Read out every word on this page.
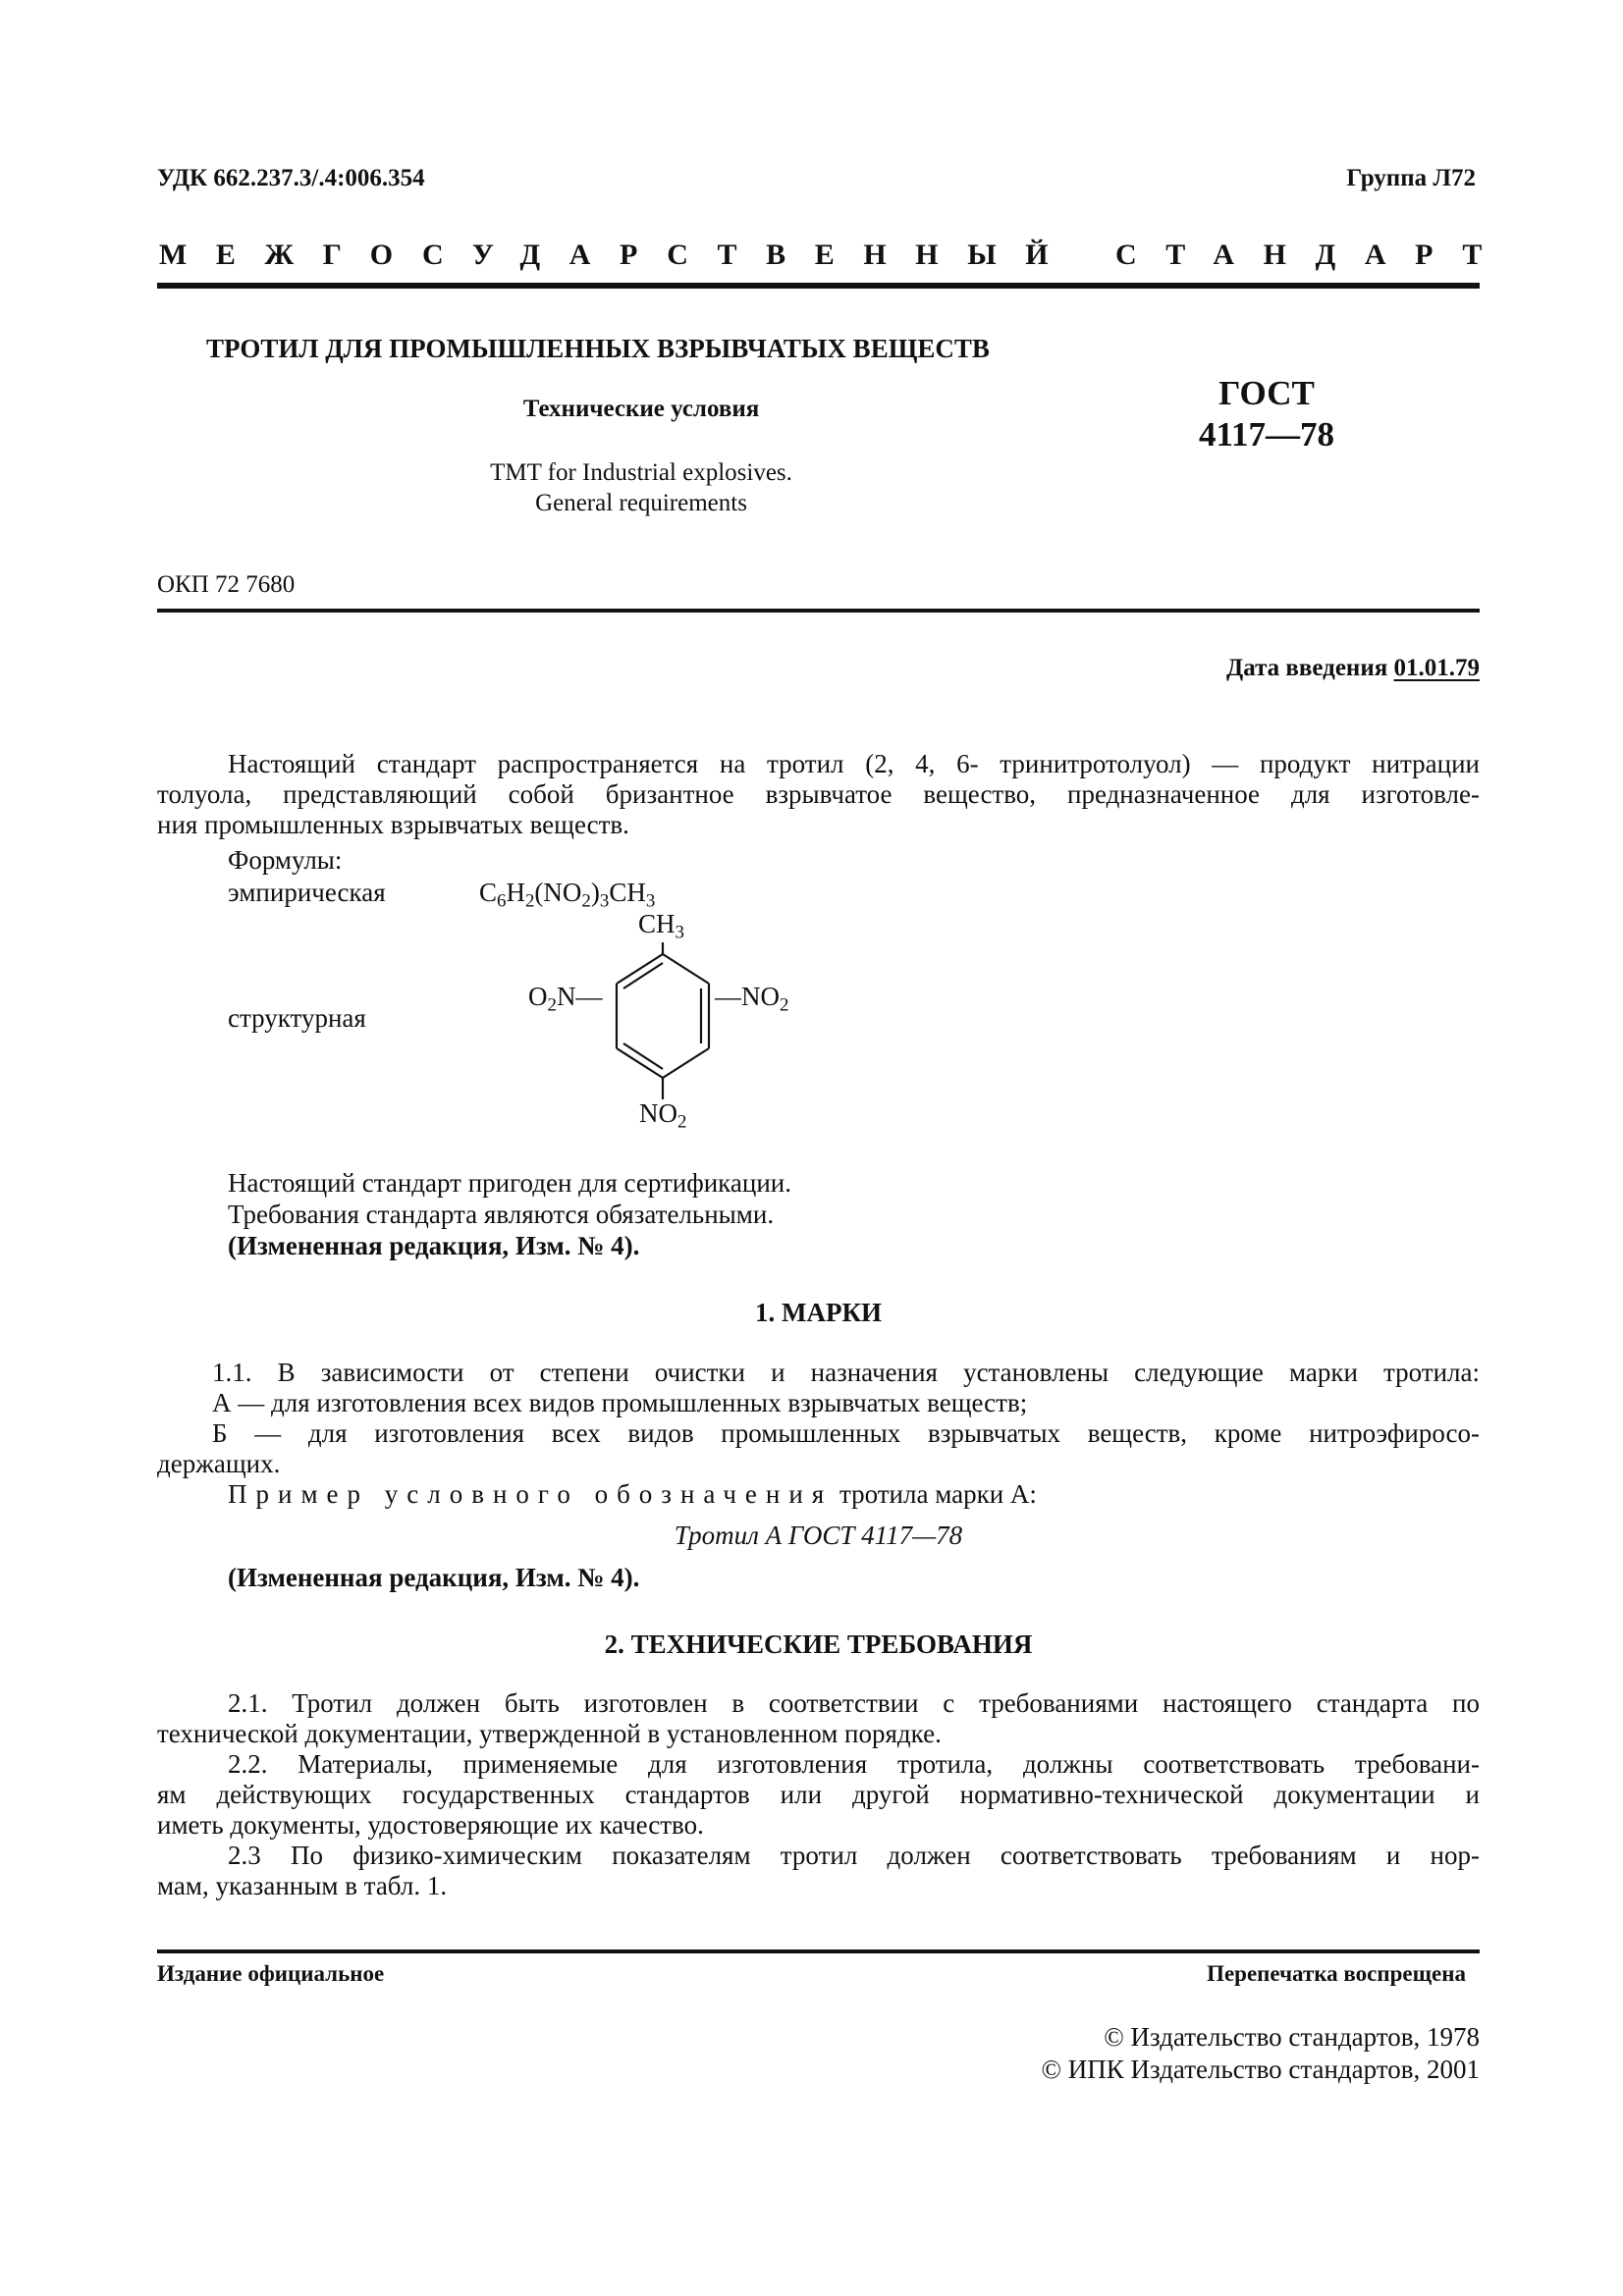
УДК 662.237.3/.4:006.354	Группа Л72
МЕЖГОСУДАРСТВЕННЫЙ СТАНДАРТ
ТРОТИЛ ДЛЯ ПРОМЫШЛЕННЫХ ВЗРЫВЧАТЫХ ВЕЩЕСТВ
Технические условия
TMT for Industrial explosives.
General requirements
ГОСТ
4117—78
ОКП 72 7680
Дата введения 01.01.79
Настоящий стандарт распространяется на тротил (2, 4, 6- тринитротолуол) — продукт нитрации
толуола, представляющий собой бризантное взрывчатое вещество, предназначенное для изготовле-
ния промышленных взрывчатых веществ.
Формулы:
эмпирическая	$C_6H_2(NO_2)_3CH_3$
структурная
$CH_3$
$O_2N—$	$—NO_2$
$NO_2$
Настоящий стандарт пригоден для сертификации.
Требования стандарта являются обязательными.
(Измененная редакция, Изм. № 4).
1. МАРКИ
1.1. В зависимости от степени очистки и назначения установлены следующие марки тротила:
А — для изготовления всех видов промышленных взрывчатых веществ;
Б — для изготовления всех видов промышленных взрывчатых веществ, кроме нитроэфиросо-
держащих.
Пример условного обозначения тротила марки А:
Тротил А ГОСТ 4117—78
(Измененная редакция, Изм. № 4).
2. ТЕХНИЧЕСКИЕ ТРЕБОВАНИЯ
2.1. Тротил должен быть изготовлен в соответствии с требованиями настоящего стандарта по
технической документации, утвержденной в установленном порядке.
2.2. Материалы, применяемые для изготовления тротила, должны соответствовать требовани-
ям действующих государственных стандартов или другой нормативно-технической документации и
иметь документы, удостоверяющие их качество.
2.3 По физико-химическим показателям тротил должен соответствовать требованиям и нор-
мам, указанным в табл. 1.
Издание официальное	Перепечатка воспрещена
© Издательство стандартов, 1978
© ИПК Издательство стандартов, 2001
